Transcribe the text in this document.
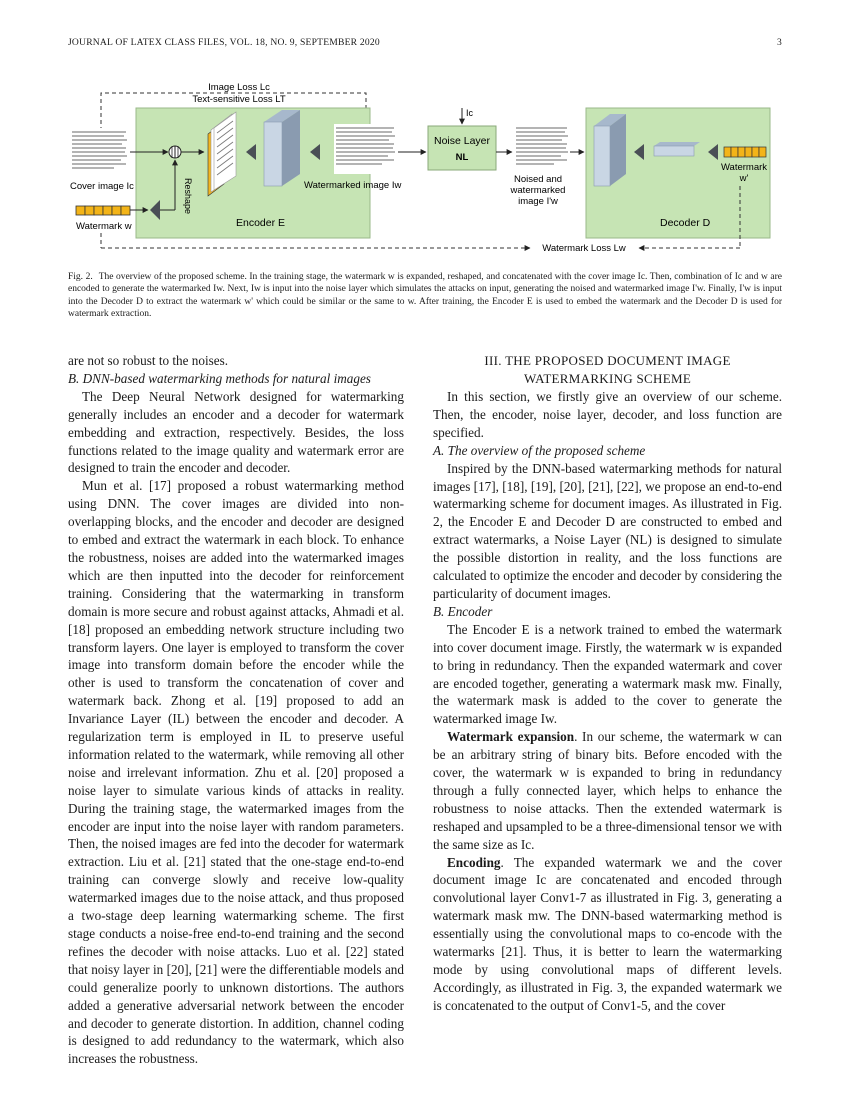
JOURNAL OF LATEX CLASS FILES, VOL. 18, NO. 9, SEPTEMBER 2020	3
Image Loss Lc
Text-sensitive Loss LT
Cover image Ic
Encoder E
Watermark w
Reshape	Watermarked image Iw
Ic
Noise Layer
NL
Noised and
watermarked
image I'w
Decoder D
Watermark
w'
Watermark Loss Lw
Fig. 2. The overview of the proposed scheme. In the training stage, the watermark w is expanded, reshaped, and concatenated with the cover image Ic. Then, combination of Ic and w are encoded to generate the watermarked Iw. Next, Iw is input into the noise layer which simulates the attacks on input, generating the noised and watermarked image I'w. Finally, I'w is input into the Decoder D to extract the watermark w' which could be similar or the same to w. After training, the Encoder E is used to embed the watermark and the Decoder D is used for watermark extraction.

are not so robust to the noises.

B. DNN-based watermarking methods for natural images

The Deep Neural Network designed for watermarking generally includes an encoder and a decoder for watermark embedding and extraction, respectively. Besides, the loss functions related to the image quality and watermark error are designed to train the encoder and decoder.

Mun et al. [17] proposed a robust watermarking method using DNN. The cover images are divided into non-overlapping blocks, and the encoder and decoder are designed to embed and extract the watermark in each block. To enhance the robustness, noises are added into the watermarked images which are then inputted into the decoder for reinforcement training. Considering that the watermarking in transform domain is more secure and robust against attacks, Ahmadi et al. [18] proposed an embedding network structure including two transform layers. One layer is employed to transform the cover image into transform domain before the encoder while the other is used to transform the concatenation of cover and watermark back. Zhong et al. [19] proposed to add an Invariance Layer (IL) between the encoder and decoder. A regularization term is employed in IL to preserve useful information related to the watermark, while removing all other noise and irrelevant information. Zhu et al. [20] proposed a noise layer to simulate various kinds of attacks in reality. During the training stage, the watermarked images from the encoder are input into the noise layer with random parameters. Then, the noised images are fed into the decoder for watermark extraction. Liu et al. [21] stated that the one-stage end-to-end training can converge slowly and receive low-quality watermarked images due to the noise attack, and thus proposed a two-stage deep learning watermarking scheme. The first stage conducts a noise-free end-to-end training and the second refines the decoder with noise attacks. Luo et al. [22] stated that noisy layer in [20], [21] were the differentiable models and could generalize poorly to unknown distortions. The authors added a generative adversarial network between the encoder and decoder to generate distortion. In addition, channel coding is designed to add redundancy to the watermark, which also increases the robustness.

III. THE PROPOSED DOCUMENT IMAGE WATERMARKING SCHEME

In this section, we firstly give an overview of our scheme. Then, the encoder, noise layer, decoder, and loss function are specified.

A. The overview of the proposed scheme

Inspired by the DNN-based watermarking methods for natural images [17], [18], [19], [20], [21], [22], we propose an end-to-end watermarking scheme for document images. As illustrated in Fig. 2, the Encoder E and Decoder D are constructed to embed and extract watermarks, a Noise Layer (NL) is designed to simulate the possible distortion in reality, and the loss functions are calculated to optimize the encoder and decoder by considering the particularity of document images.

B. Encoder

The Encoder E is a network trained to embed the watermark into cover document image. Firstly, the watermark w is expanded to bring in redundancy. Then the expanded watermark and cover are encoded together, generating a watermark mask mw. Finally, the watermark mask is added to the cover to generate the watermarked image Iw.

Watermark expansion. In our scheme, the watermark w can be an arbitrary string of binary bits. Before encoded with the cover, the watermark w is expanded to bring in redundancy through a fully connected layer, which helps to enhance the robustness to noise attacks. Then the extended watermark is reshaped and upsampled to be a three-dimensional tensor we with the same size as Ic.

Encoding. The expanded watermark we and the cover document image Ic are concatenated and encoded through convolutional layer Conv1-7 as illustrated in Fig. 3, generating a watermark mask mw. The DNN-based watermarking method is essentially using the convolutional maps to co-encode with the watermarks [21]. Thus, it is better to learn the watermarking mode by using convolutional maps of different levels. Accordingly, as illustrated in Fig. 3, the expanded watermark we is concatenated to the output of Conv1-5, and the cover
